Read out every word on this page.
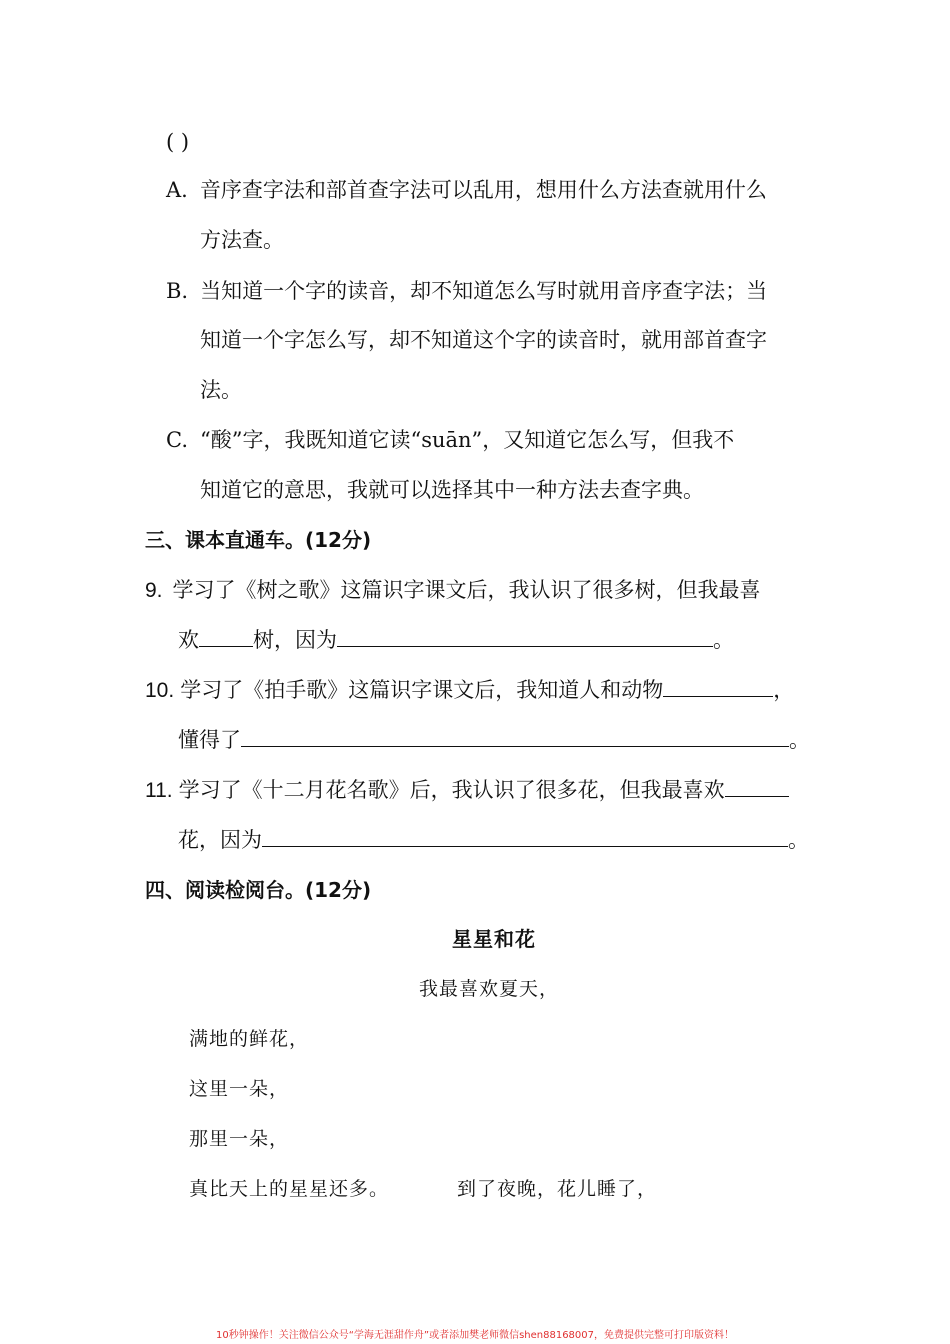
( )
A. 音序查字法和部首查字法可以乱用，想用什么方法查就用什么
方法查。
B. 当知道一个字的读音，却不知道怎么写时就用音序查字法；当
知道一个字怎么写，却不知道这个字的读音时，就用部首查字
法。
C. “酸”字，我既知道它读“suān”，又知道它怎么写，但我不
知道它的意思，我就可以选择其中一种方法去查字典。
三、课本直通车。(12分)
9. 学习了《树之歌》这篇识字课文后，我认识了很多树，但我最喜
欢	树，因为	。
10. 学习了《拍手歌》这篇识字课文后，我知道人和动物	，
懂得了	。
11. 学习了《十二月花名歌》后，我认识了很多花，但我最喜欢
花，因为	。
四、阅读检阅台。(12分)
星星和花
我最喜欢夏天，
满地的鲜花，
这里一朵，
那里一朵，
真比天上的星星还多。	到了夜晚，花儿睡了，
10秒钟操作！关注微信公众号“学海无涯甜作舟”或者添加樊老师微信shen88168007，免费提供完整可打印版资料！
